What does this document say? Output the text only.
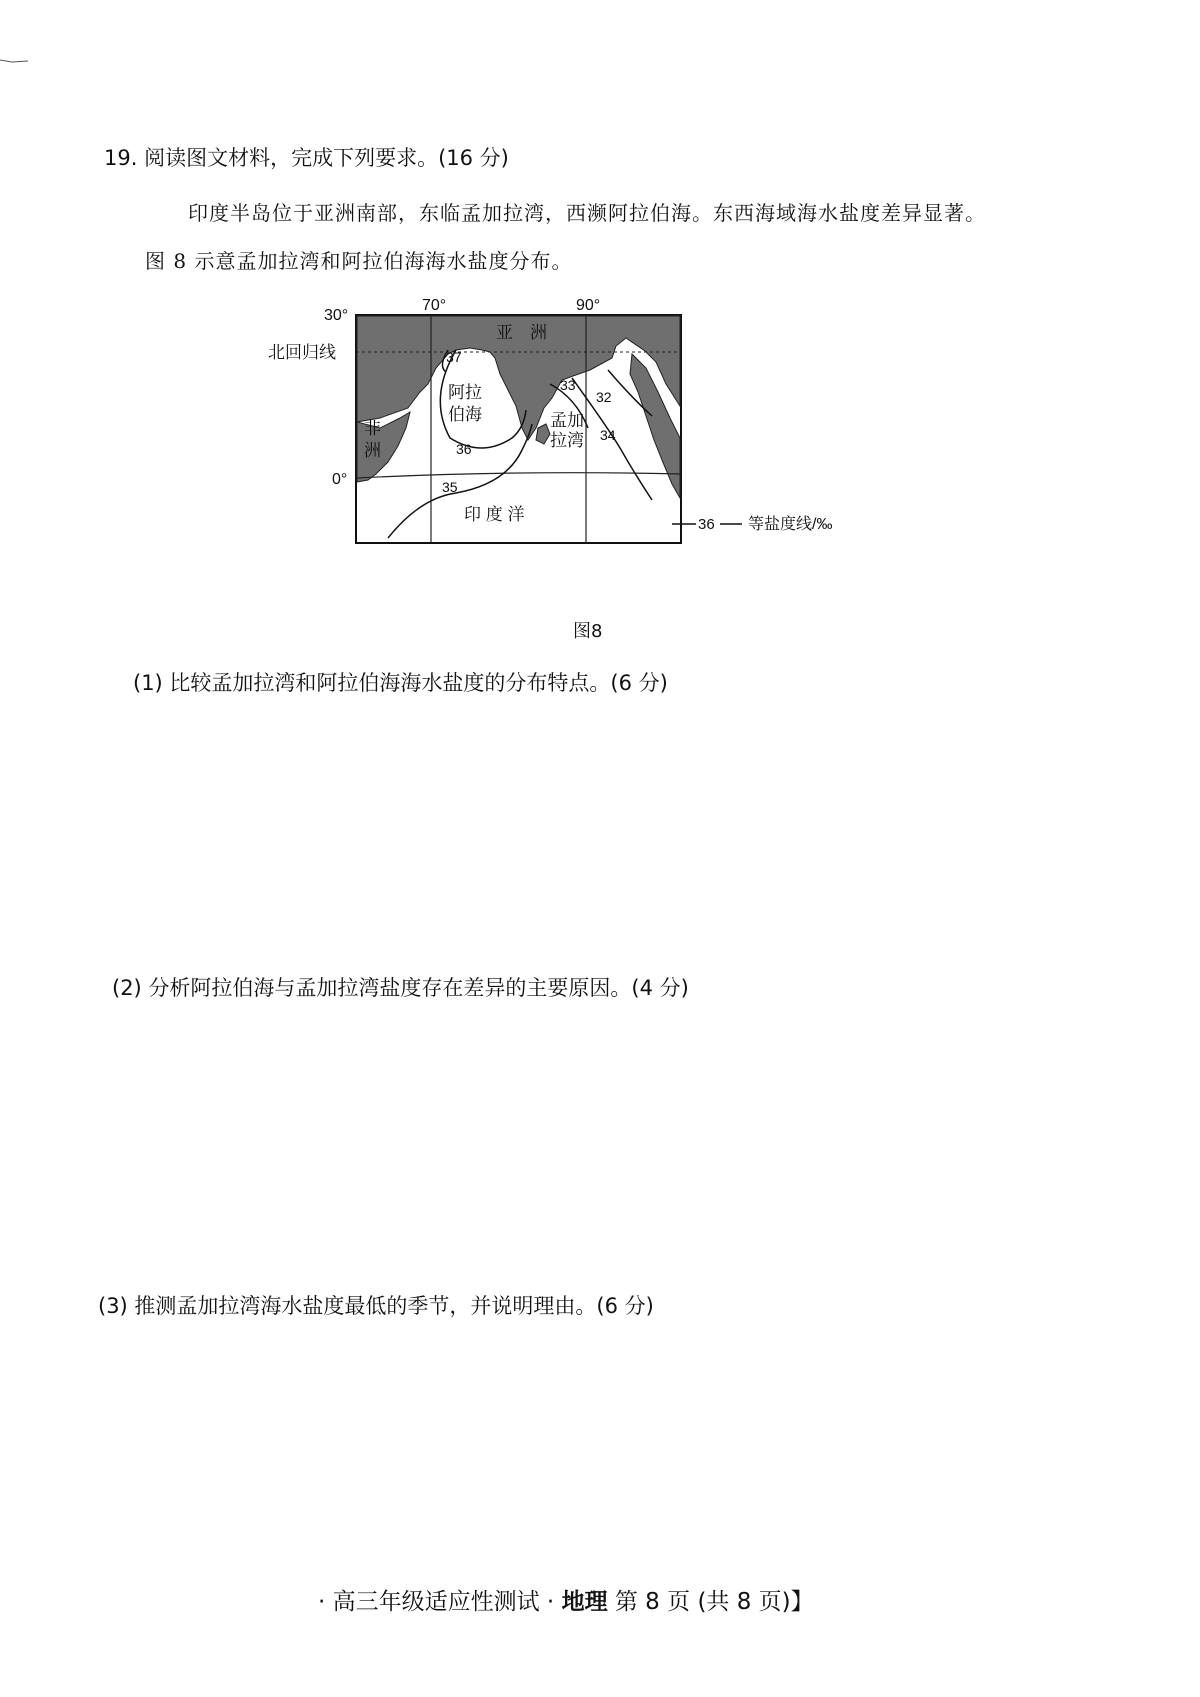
19. 阅读图文材料，完成下列要求。(16 分)
印度半岛位于亚洲南部，东临孟加拉湾，西濒阿拉伯海。东西海域海水盐度差异显著。
图 8 示意孟加拉湾和阿拉伯海海水盐度分布。
70°	90°
30°
0°
北回归线
亚 洲
非
洲
阿拉
伯海	孟加
拉湾
印 度 洋
37
36
35
33
32
34
36 等盐度线/‰
图8
(1) 比较孟加拉湾和阿拉伯海海水盐度的分布特点。(6 分)
(2) 分析阿拉伯海与孟加拉湾盐度存在差异的主要原因。(4 分)
(3) 推测孟加拉湾海水盐度最低的季节，并说明理由。(6 分)
· 高三年级适应性测试 · 地理 第 8 页 (共 8 页)】
